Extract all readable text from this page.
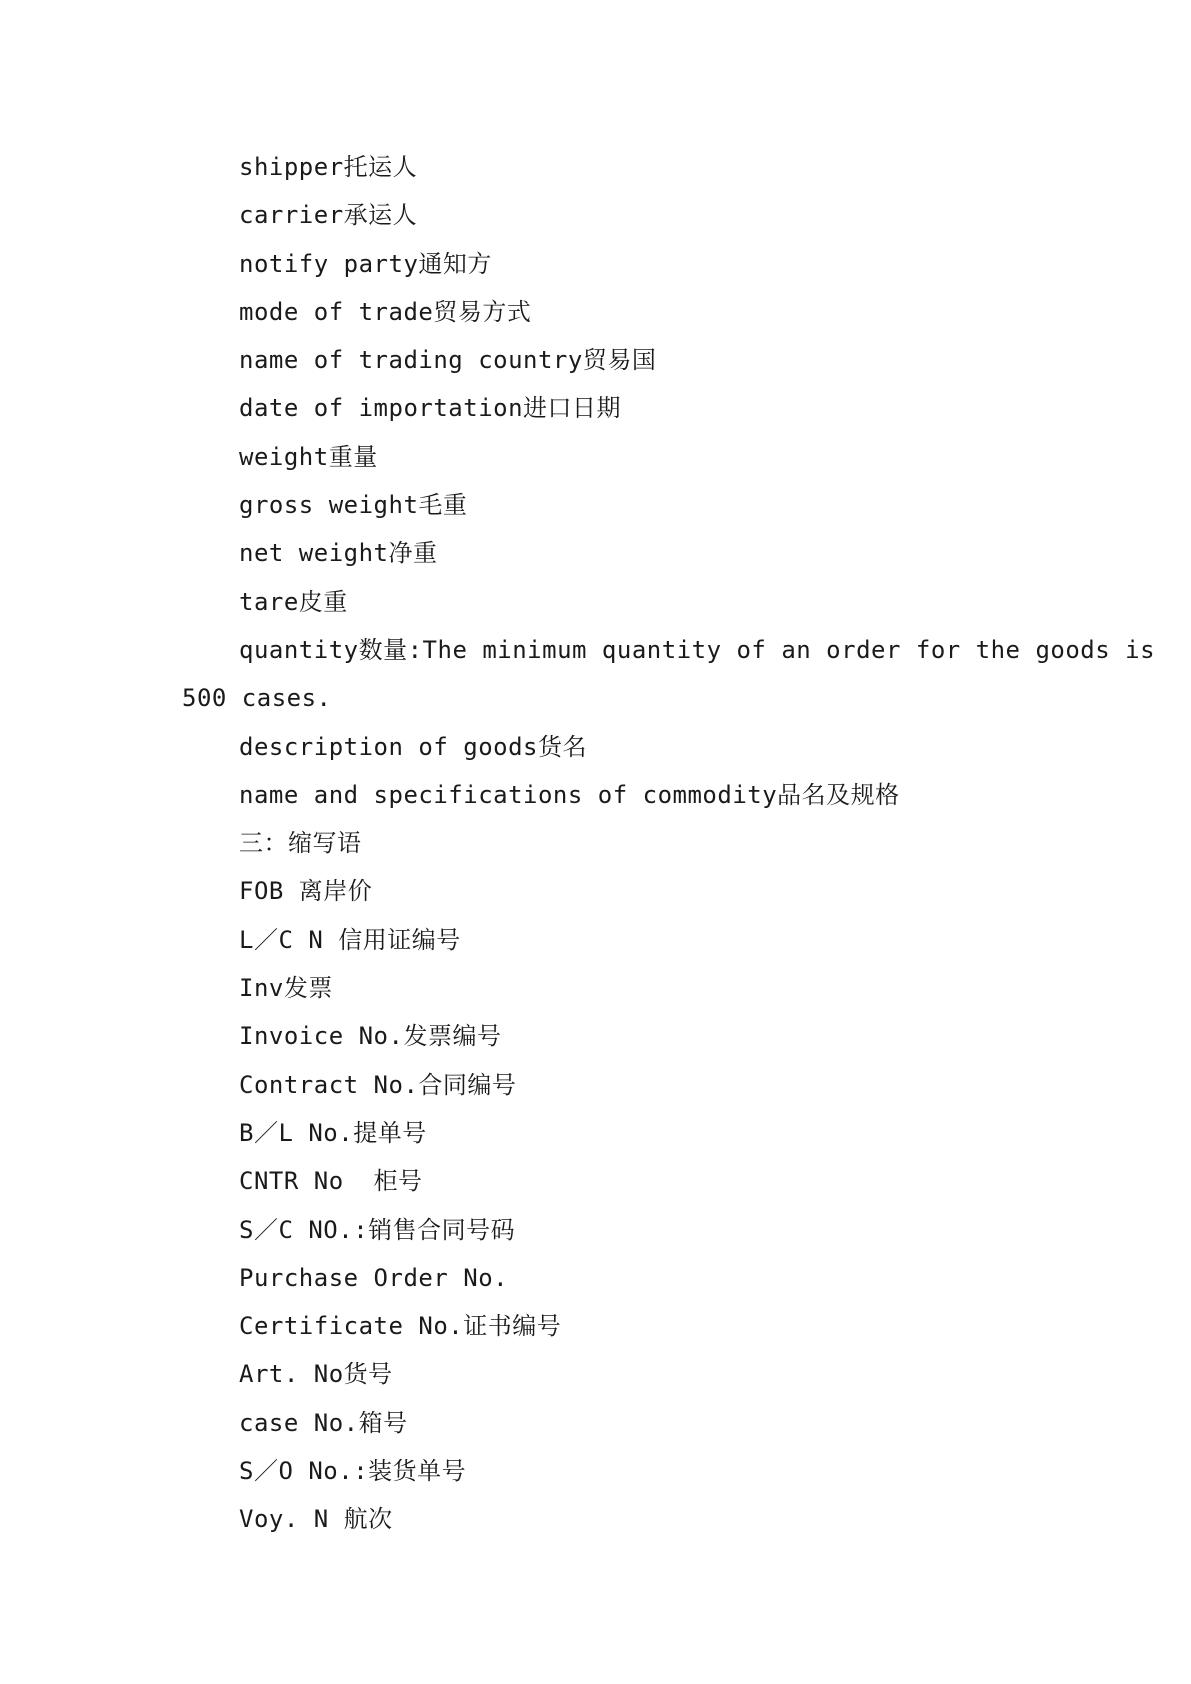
shipper托运人
carrier承运人
notify party通知方
mode of trade贸易方式
name of trading country贸易国
date of importation进口日期
weight重量
gross weight毛重
net weight净重
tare皮重
quantity数量:The minimum quantity of an order for the goods is
500 cases.
description of goods货名
name and specifications of commodity品名及规格
三：缩写语
FOB 离岸价
L／C N 信用证编号
Inv发票
Invoice No.发票编号
Contract No.合同编号
B／L No.提单号
CNTR No  柜号
S／C NO.:销售合同号码
Purchase Order No.
Certificate No.证书编号
Art. No货号
case No.箱号
S／O No.:装货单号
Voy. N 航次
